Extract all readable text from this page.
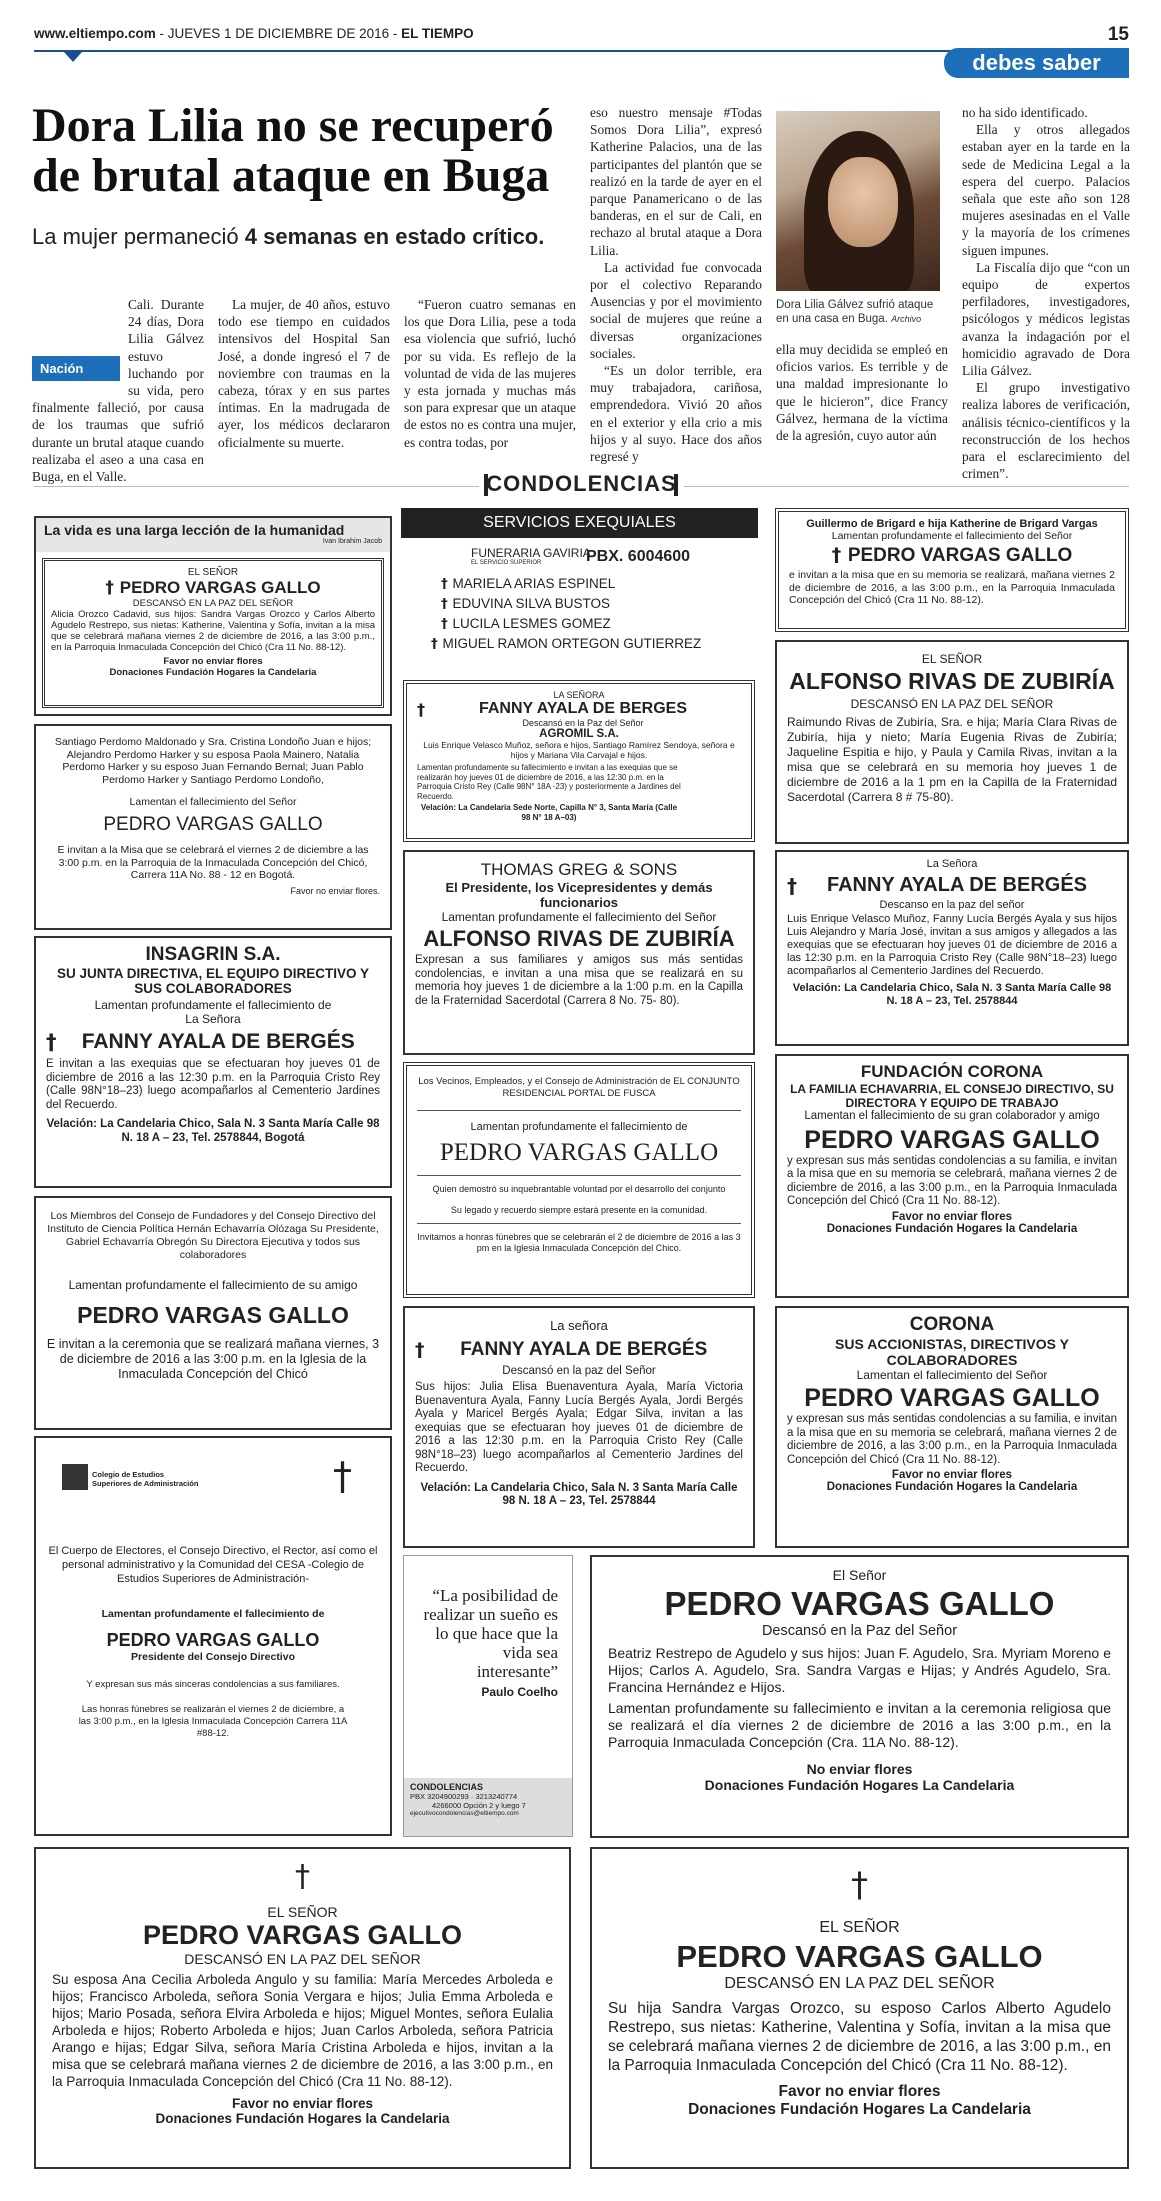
www.eltiempo.com - JUEVES 1 DE DICIEMBRE DE 2016 - EL TIEMPO	15
debes saber
Dora Lilia no se recuperó de brutal ataque en Buga
La mujer permaneció 4 semanas en estado crítico.
Nación
Cali. Durante 24 días, Dora Lilia Gálvez estuvo luchando por su vida, pero finalmente falleció, por causa de los traumas que sufrió durante un brutal ataque cuando realizaba el aseo a una casa en Buga, en el Valle.

La mujer, de 40 años, estuvo todo ese tiempo en cuidados intensivos del Hospital San José, a donde ingresó el 7 de noviembre con traumas en la cabeza, tórax y en sus partes íntimas. En la madrugada de ayer, los médicos declararon oficialmente su muerte.

“Fueron cuatro semanas en los que Dora Lilia, pese a toda esa violencia que sufrió, luchó por su vida. Es reflejo de la voluntad de vida de las mujeres y esta jornada y muchas más son para expresar que un ataque de estos no es contra una mujer, es contra todas, por

eso nuestro mensaje #Todas Somos Dora Lilia”, expresó Katherine Palacios, una de las participantes del plantón que se realizó en la tarde de ayer en el parque Panamericano o de las banderas, en el sur de Cali, en rechazo al brutal ataque a Dora Lilia.

La actividad fue convocada por el colectivo Reparando Ausencias y por el movimiento social de mujeres que reúne a diversas organizaciones sociales.

“Es un dolor terrible, era muy trabajadora, cariñosa, emprendedora. Vivió 20 años en el exterior y ella crio a mis hijos y al suyo. Hace dos años regresé y

Dora Lilia Gálvez sufrió ataque en una casa en Buga. Archivo

ella muy decidida se empleó en oficios varios. Es terrible y de una maldad impresionante lo que le hicieron”, dice Francy Gálvez, hermana de la víctima de la agresión, cuyo autor aún

no ha sido identificado.

Ella y otros allegados estaban ayer en la tarde en la sede de Medicina Legal a la espera del cuerpo. Palacios señala que este año son 128 mujeres asesinadas en el Valle y la mayoría de los crímenes siguen impunes.

La Fiscalía dijo que “con un equipo de expertos perfiladores, investigadores, psicólogos y médicos legistas avanza la indagación por el homicidio agravado de Dora Lilia Gálvez.

El grupo investigativo realiza labores de verificación, análisis técnico-científicos y la reconstrucción de los hechos para el esclarecimiento del crimen”.

CONDOLENCIAS
La vida es una larga lección de la humanidad
Ivan Ibrahim Jacob
EL SEÑOR
† PEDRO VARGAS GALLO
DESCANSÓ EN LA PAZ DEL SEÑOR
Alicia Orozco Cadavid, sus hijos: Sandra Vargas Orozco y Carlos Alberto Agudelo Restrepo, sus nietas: Katherine, Valentina y Sofía, invitan a la misa que se celebrará mañana viernes 2 de diciembre de 2016, a las 3:00 p.m., en la Parroquia Inmaculada Concepción del Chicó (Cra 11 No. 88-12).
Favor no enviar flores
Donaciones Fundación Hogares la Candelaria
Santiago Perdomo Maldonado y Sra. Cristina Londoño Juan e hijos; Alejandro Perdomo Harker y su esposa Paola Mainero, Natalia Perdomo Harker y su esposo Juan Fernando Bernal; Juan Pablo Perdomo Harker y Santiago Perdomo Londoño,
Lamentan el fallecimiento del Señor
PEDRO VARGAS GALLO
E invitan a la Misa que se celebrará el viernes 2 de diciembre a las 3:00 p.m. en la Parroquia de la Inmaculada Concepción del Chicó, Carrera 11A No. 88 - 12 en Bogotá.
Favor no enviar flores.
INSAGRIN S.A.
SU JUNTA DIRECTIVA, EL EQUIPO DIRECTIVO Y SUS COLABORADORES
Lamentan profundamente el fallecimiento de
La Señora
† FANNY AYALA DE BERGÉS
E invitan a las exequias que se efectuaran hoy jueves 01 de diciembre de 2016 a las 12:30 p.m. en la Parroquia Cristo Rey (Calle 98N°18–23) luego acompañarlos al Cementerio Jardines del Recuerdo.
Velación: La Candelaria Chico, Sala N. 3 Santa María Calle 98 N. 18 A – 23, Tel. 2578844, Bogotá
Los Miembros del Consejo de Fundadores y del Consejo Directivo del Instituto de Ciencia Política Hernán Echavarría Olózaga Su Presidente, Gabriel Echavarría Obregón Su Directora Ejecutiva y todos sus colaboradores
Lamentan profundamente el fallecimiento de su amigo
PEDRO VARGAS GALLO
E invitan a la ceremonia que se realizará mañana viernes, 3 de diciembre de 2016 a las 3:00 p.m. en la Iglesia de la Inmaculada Concepción del Chicó
Colegio de Estudios
Superiores de Administración	†
El Cuerpo de Electores, el Consejo Directivo, el Rector, así como el personal administrativo y la Comunidad del CESA -Colegio de Estudios Superiores de Administración-
Lamentan profundamente el fallecimiento de
PEDRO VARGAS GALLO
Presidente del Consejo Directivo
Y expresan sus más sinceras condolencias a sus familiares.
Las honras fúnebres se realizarán el viernes 2 de diciembre, a las 3:00 p.m., en la Iglesia Inmaculada Concepción Carrera 11A #88-12.
SERVICIOS EXEQUIALES
FUNERARIA GAVIRIA
EL SERVICIO SUPERIOR	PBX. 6004600
† MARIELA ARIAS ESPINEL
† EDUVINA SILVA BUSTOS
† LUCILA LESMES GOMEZ
† MIGUEL RAMON ORTEGON GUTIERREZ
LA SEÑORA
†	FANNY AYALA DE BERGES
Descansó en la Paz del Señor
AGROMIL S.A.
Luis Enrique Velasco Muñoz, señora e hijos, Santiago Ramírez Sendoya, señora e hijos y Mariana Vila Carvajal e hijos.
Lamentan profundamente su fallecimiento e invitan a las exequias que se realizarán hoy jueves 01 de diciembre de 2016, a las 12:30 p.m. en la Parroquia Cristo Rey (Calle 98N° 18A -23) y posteriormente a Jardines del Recuerdo.
Velación: La Candelaria Sede Norte, Capilla N° 3, Santa María (Calle 98 N° 18 A–03)
THOMAS GREG & SONS
El Presidente, los Vicepresidentes y demás funcionarios
Lamentan profundamente el fallecimiento del Señor
ALFONSO RIVAS DE ZUBIRÍA
Expresan a sus familiares y amigos sus más sentidas condolencias, e invitan a una misa que se realizará en su memoria hoy jueves 1 de diciembre a la 1:00 p.m. en la Capilla de la Fraternidad Sacerdotal (Carrera 8 No. 75- 80).
Los Vecinos, Empleados, y el Consejo de Administración de EL CONJUNTO RESIDENCIAL PORTAL DE FUSCA
Lamentan profundamente el fallecimiento de
PEDRO VARGAS GALLO
Quien demostró su inquebrantable voluntad por el desarrollo del conjunto
Su legado y recuerdo siempre estará presente en la comunidad.
Invitamos a honras fúnebres que se celebrarán el 2 de diciembre de 2016 a las 3 pm en la Iglesia Inmaculada Concepción del Chico.
La señora
† FANNY AYALA DE BERGÉS
Descansó en la paz del Señor
Sus hijos: Julia Elisa Buenaventura Ayala, María Victoria Buenaventura Ayala, Fanny Lucía Bergés Ayala, Jordi Bergés Ayala y Maricel Bergés Ayala; Edgar Silva, invitan a las exequias que se efectuaran hoy jueves 01 de diciembre de 2016 a las 12:30 p.m. en la Parroquia Cristo Rey (Calle 98N°18–23) luego acompañarlos al Cementerio Jardines del Recuerdo.
Velación: La Candelaria Chico, Sala N. 3 Santa María Calle 98 N. 18 A – 23, Tel. 2578844
“La posibilidad de realizar un sueño es lo que hace que la vida sea interesante”
Paulo Coelho
CONDOLENCIAS
PBX 3204900293 · 3213240774
4266000 Opción 2 y luego 7
ejecutivocondolencias@eltiempo.com
Guillermo de Brigard e hija Katherine de Brigard Vargas
Lamentan profundamente el fallecimiento del Señor
† PEDRO VARGAS GALLO
e invitan a la misa que en su memoria se realizará, mañana viernes 2 de diciembre de 2016, a las 3:00 p.m., en la Parroquia Inmaculada Concepción del Chicó (Cra 11 No. 88-12).
EL SEÑOR
ALFONSO RIVAS DE ZUBIRÍA
DESCANSÓ EN LA PAZ DEL SEÑOR
Raimundo Rivas de Zubiría, Sra. e hija; María Clara Rivas de Zubiría, hija y nieto; María Eugenia Rivas de Zubiría; Jaqueline Espitia e hijo, y Paula y Camila Rivas, invitan a la misa que se celebrará en su memoria hoy jueves 1 de diciembre de 2016 a la 1 pm en la Capilla de la Fraternidad Sacerdotal (Carrera 8 # 75-80).
La Señora
† FANNY AYALA DE BERGÉS
Descanso en la paz del señor
Luis Enrique Velasco Muñoz, Fanny Lucía Bergés Ayala y sus hijos Luis Alejandro y María José, invitan a sus amigos y allegados a las exequias que se efectuaran hoy jueves 01 de diciembre de 2016 a las 12:30 p.m. en la Parroquia Cristo Rey (Calle 98N°18–23) luego acompañarlos al Cementerio Jardines del Recuerdo.
Velación: La Candelaria Chico, Sala N. 3 Santa María Calle 98 N. 18 A – 23, Tel. 2578844
FUNDACIÓN CORONA
LA FAMILIA ECHAVARRIA, EL CONSEJO DIRECTIVO, SU DIRECTORA Y EQUIPO DE TRABAJO
Lamentan el fallecimiento de su gran colaborador y amigo
PEDRO VARGAS GALLO
y expresan sus más sentidas condolencias a su familia, e invitan a la misa que en su memoria se celebrará, mañana viernes 2 de diciembre de 2016, a las 3:00 p.m., en la Parroquia Inmaculada Concepción del Chicó (Cra 11 No. 88-12).
Favor no enviar flores
Donaciones Fundación Hogares la Candelaria
CORONA
SUS ACCIONISTAS, DIRECTIVOS Y COLABORADORES
Lamentan el fallecimiento del Señor
PEDRO VARGAS GALLO
y expresan sus más sentidas condolencias a su familia, e invitan a la misa que en su memoria se celebrará, mañana viernes 2 de diciembre de 2016, a las 3:00 p.m., en la Parroquia Inmaculada Concepción del Chicó (Cra 11 No. 88-12).
Favor no enviar flores
Donaciones Fundación Hogares la Candelaria
El Señor
PEDRO VARGAS GALLO
Descansó en la Paz del Señor
Beatriz Restrepo de Agudelo y sus hijos: Juan F. Agudelo, Sra. Myriam Moreno e Hijos; Carlos A. Agudelo, Sra. Sandra Vargas e Hijas; y Andrés Agudelo, Sra. Francina Hernández e Hijos.
Lamentan profundamente su fallecimiento e invitan a la ceremonia religiosa que se realizará el día viernes 2 de diciembre de 2016 a las 3:00 p.m., en la Parroquia Inmaculada Concepción (Cra. 11A No. 88-12).
No enviar flores
Donaciones Fundación Hogares La Candelaria
†
EL SEÑOR
PEDRO VARGAS GALLO
DESCANSÓ EN LA PAZ DEL SEÑOR
Su esposa Ana Cecilia Arboleda Angulo y su familia: María Mercedes Arboleda e hijos; Francisco Arboleda, señora Sonia Vergara e hijos; Julia Emma Arboleda e hijos; Mario Posada, señora Elvira Arboleda e hijos; Miguel Montes, señora Eulalia Arboleda e hijos; Roberto Arboleda e hijos; Juan Carlos Arboleda, señora Patricia Arango e hijas; Edgar Silva, señora María Cristina Arboleda e hijos, invitan a la misa que se celebrará mañana viernes 2 de diciembre de 2016, a las 3:00 p.m., en la Parroquia Inmaculada Concepción del Chicó (Cra 11 No. 88-12).
Favor no enviar flores
Donaciones Fundación Hogares la Candelaria
†
EL SEÑOR
PEDRO VARGAS GALLO
DESCANSÓ EN LA PAZ DEL SEÑOR
Su hija Sandra Vargas Orozco, su esposo Carlos Alberto Agudelo Restrepo, sus nietas: Katherine, Valentina y Sofía, invitan a la misa que se celebrará mañana viernes 2 de diciembre de 2016, a las 3:00 p.m., en la Parroquia Inmaculada Concepción del Chicó (Cra 11 No. 88-12).
Favor no enviar flores
Donaciones Fundación Hogares La Candelaria
